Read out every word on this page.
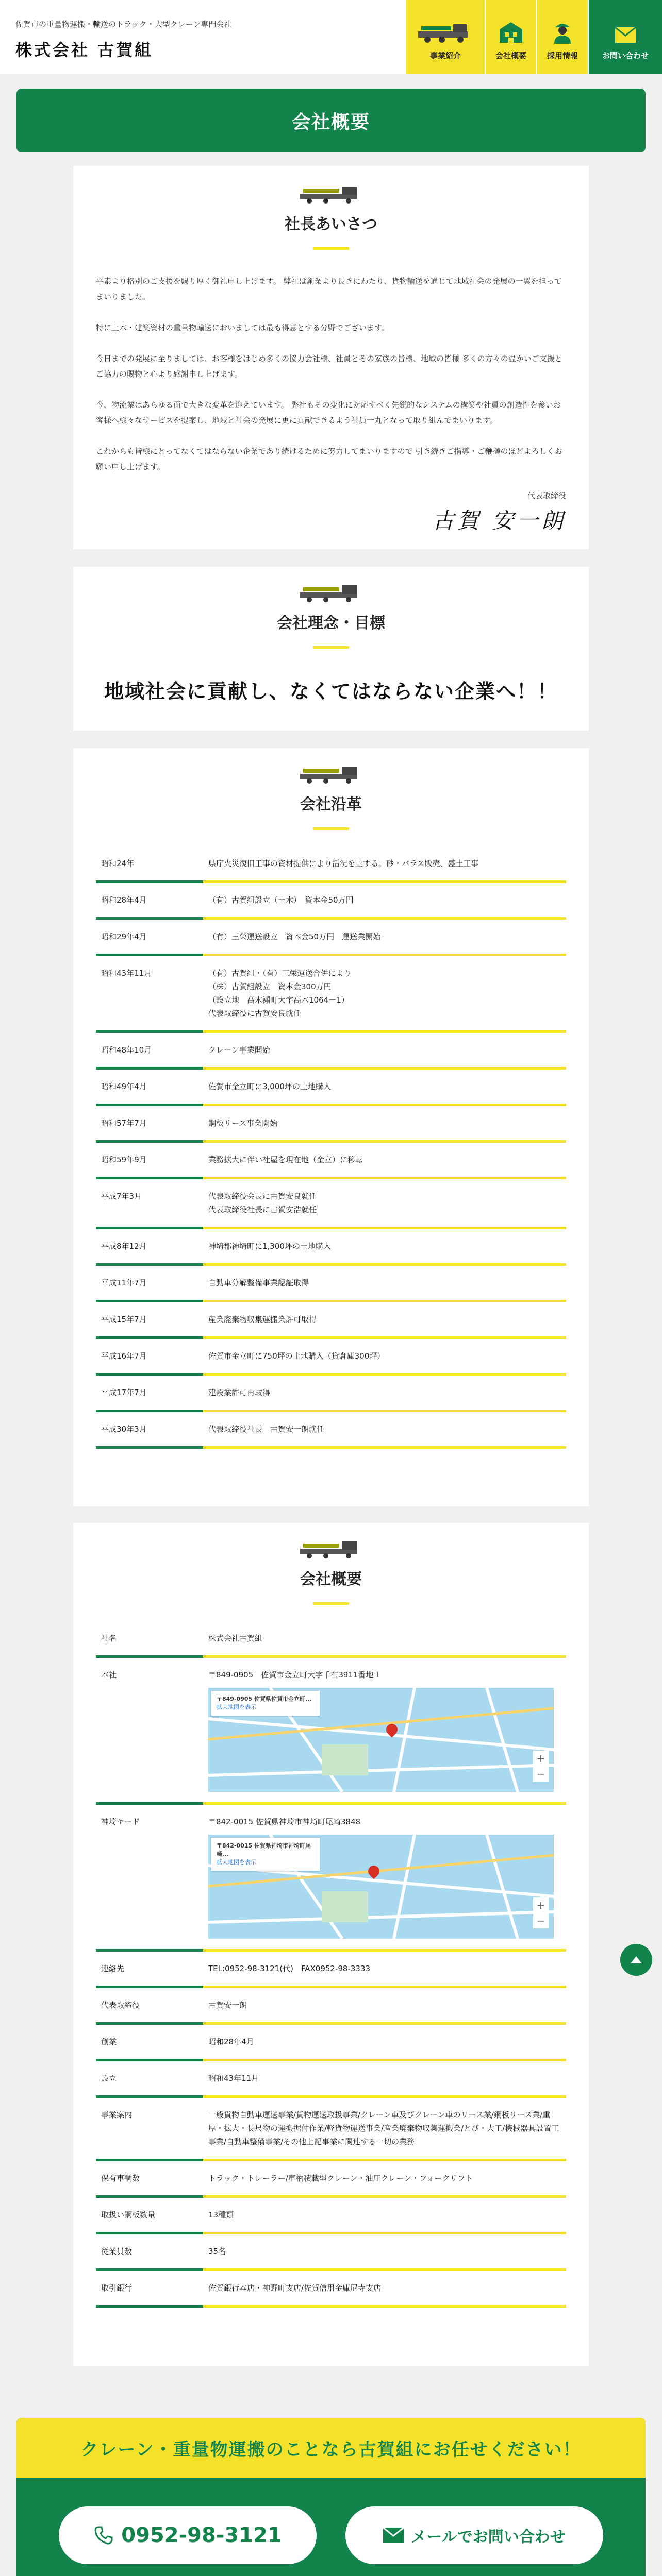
佐賀市の重量物運搬・輸送のトラック・大型クレーン専門会社
株式会社 古賀組	事業紹介	会社概要	採用情報	お問い合わせ
会社概要
社長あいさつ

平素より格別のご支援を賜り厚く御礼申し上げます。 弊社は創業より長きにわたり、貨物輸送を通じて地域社会の発展の一翼を担ってまいりました。

特に土木・建築資材の重量物輸送においましては最も得意とする分野でございます。

今日までの発展に至りましては、お客様をはじめ多くの協力会社様、社員とその家族の皆様、地域の皆様 多くの方々の温かいご支援とご協力の賜物と心より感謝申し上げます。

今、物流業はあらゆる面で大きな変革を迎えています。 弊社もその変化に対応すべく先鋭的なシステムの構築や社員の創造性を養いお客様へ様々なサービスを提案し、地域と社会の発展に更に貢献できるよう社員一丸となって取り組んでまいります。

これからも皆様にとってなくてはならない企業であり続けるために努力してまいりますので 引き続きご指導・ご鞭撻のほどよろしくお願い申し上げます。

代表取締役
古賀 安一朗
会社理念・目標
地域社会に貢献し、なくてはならない企業へ！！
会社沿革
昭和24年	県庁火災復旧工事の資材提供により活況を呈する。砂・バラス販売、盛土工事

昭和28年4月	（有）古賀組設立（土木）　資本金50万円

昭和29年4月	（有）三栄運送設立　資本金50万円　運送業開始

昭和43年11月	（有）古賀組・（有）三栄運送合併により
（株）古賀組設立　資本金300万円
（設立地　高木瀬町大字高木1064－1）
代表取締役に古賀安良就任

昭和48年10月	クレーン事業開始

昭和49年4月	佐賀市金立町に3,000坪の土地購入

昭和57年7月	鋼板リース事業開始

昭和59年9月	業務拡大に伴い社屋を現在地（金立）に移転

平成7年3月	代表取締役会長に古賀安良就任
代表取締役社長に古賀安浩就任

平成8年12月	神埼郡神埼町に1,300坪の土地購入

平成11年7月	自動車分解整備事業認証取得

平成15年7月	産業廃棄物収集運搬業許可取得

平成16年7月	佐賀市金立町に750坪の土地購入（貸倉庫300坪）

平成17年7月	建設業許可再取得

平成30年3月	代表取締役社長　古賀安一朗就任
会社概要
社名	株式会社古賀組

本社	〒849-0905　佐賀市金立町大字千布3911番地１
〒849-0905 佐賀県佐賀市金立町...
拡大地図を表示
+
−

神埼ヤード	〒842-0015 佐賀県神埼市神埼町尾崎3848
〒842-0015 佐賀県神埼市神埼町尾崎...
拡大地図を表示
+
−

連絡先	TEL:0952-98-3121(代)　FAX0952-98-3333

代表取締役	古賀安一朗

創業	昭和28年4月

設立	昭和43年11月

事業案内	一般貨物自動車運送事業/貨物運送取扱事業/クレーン車及びクレーン車のリース業/鋼板リース業/重厚・拡大・長尺物の運搬据付作業/軽貨物運送事業/産業廃棄物収集運搬業/とび・大工/機械器具設置工事業/自動車整備事業/その他上記事業に関連する一切の業務

保有車輌数	トラック・トレーラー/車柄積載型クレーン・油圧クレーン・フォークリフト

取扱い鋼板数量	13種類

従業員数	35名

取引銀行	佐賀銀行本店・神野町支店/佐賀信用金庫尼寺支店
クレーン・重量物運搬のことなら古賀組にお任せください！
0952-98-3121	メールでお問い合わせ
